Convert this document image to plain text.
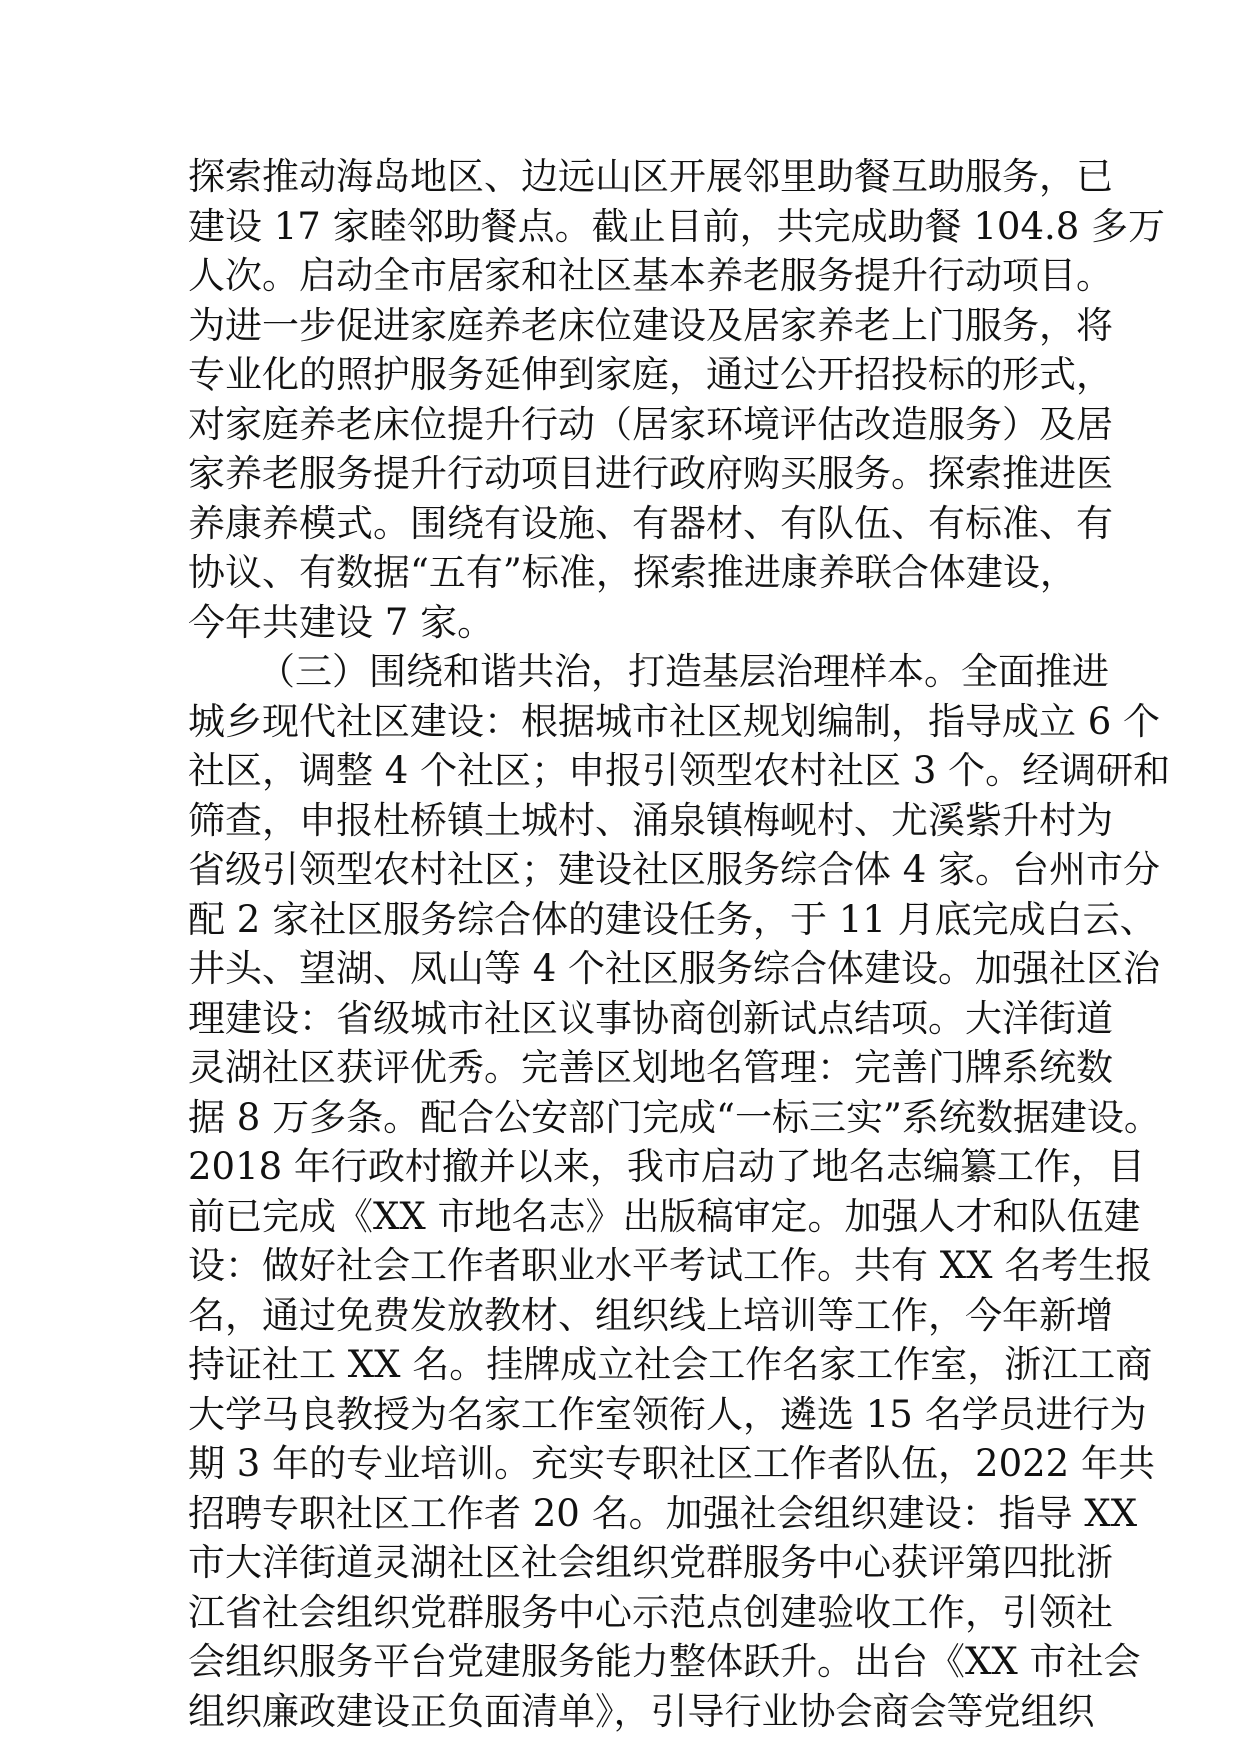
探索推动海岛地区、边远山区开展邻里助餐互助服务，已
建设 17 家睦邻助餐点。截止目前，共完成助餐 104.8 多万
人次。启动全市居家和社区基本养老服务提升行动项目。
为进一步促进家庭养老床位建设及居家养老上门服务，将
专业化的照护服务延伸到家庭，通过公开招投标的形式，
对家庭养老床位提升行动（居家环境评估改造服务）及居
家养老服务提升行动项目进行政府购买服务。探索推进医
养康养模式。围绕有设施、有器材、有队伍、有标准、有
协议、有数据“五有”标准，探索推进康养联合体建设，
今年共建设 7 家。
（三）围绕和谐共治，打造基层治理样本。全面推进
城乡现代社区建设：根据城市社区规划编制，指导成立 6 个
社区，调整 4 个社区；申报引领型农村社区 3 个。经调研和
筛查，申报杜桥镇土城村、涌泉镇梅岘村、尤溪紫升村为
省级引领型农村社区；建设社区服务综合体 4 家。台州市分
配 2 家社区服务综合体的建设任务，于 11 月底完成白云、
井头、望湖、凤山等 4 个社区服务综合体建设。加强社区治
理建设：省级城市社区议事协商创新试点结项。大洋街道
灵湖社区获评优秀。完善区划地名管理：完善门牌系统数
据 8 万多条。配合公安部门完成“一标三实”系统数据建设。
2018 年行政村撤并以来，我市启动了地名志编纂工作，目
前已完成《XX 市地名志》出版稿审定。加强人才和队伍建
设：做好社会工作者职业水平考试工作。共有 XX 名考生报
名，通过免费发放教材、组织线上培训等工作，今年新增
持证社工 XX 名。挂牌成立社会工作名家工作室，浙江工商
大学马良教授为名家工作室领衔人，遴选 15 名学员进行为
期 3 年的专业培训。充实专职社区工作者队伍，2022 年共
招聘专职社区工作者 20 名。加强社会组织建设：指导 XX
市大洋街道灵湖社区社会组织党群服务中心获评第四批浙
江省社会组织党群服务中心示范点创建验收工作，引领社
会组织服务平台党建服务能力整体跃升。出台《XX 市社会
组织廉政建设正负面清单》，引导行业协会商会等党组织
